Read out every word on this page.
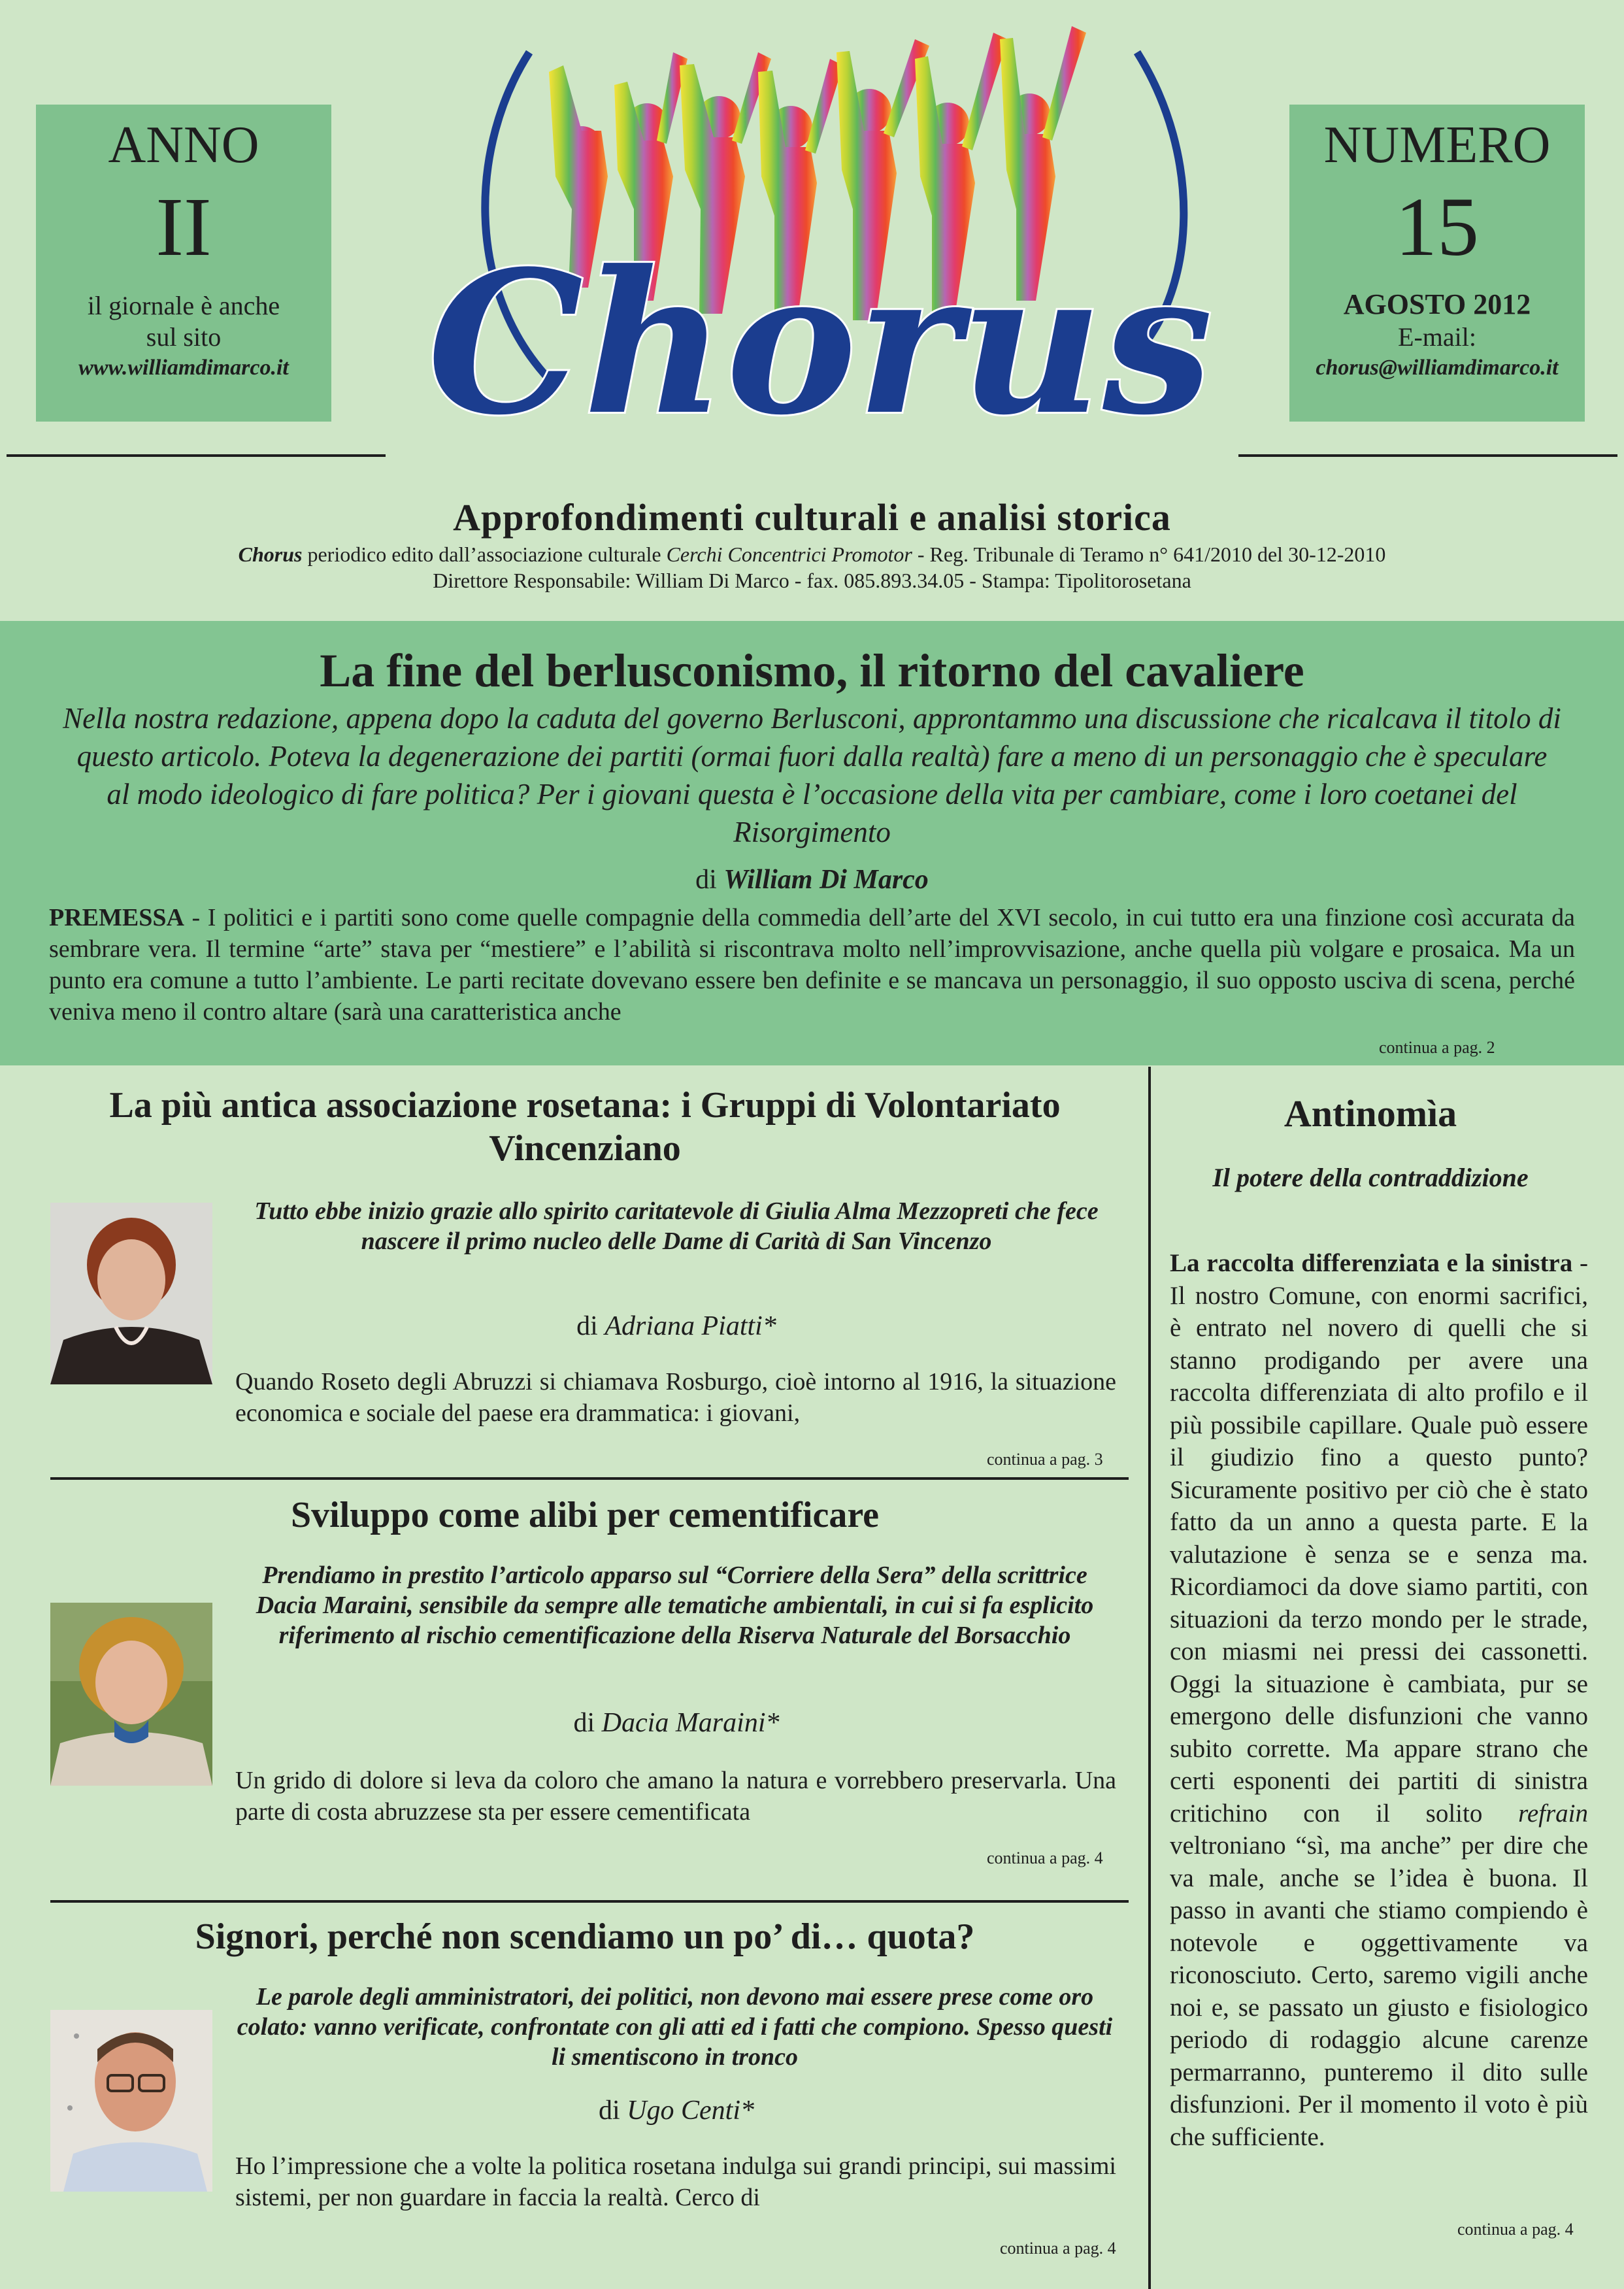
ANNO
II
il giornale è anche
sul sito
www.williamdimarco.it Chorus
NUMERO
15
AGOSTO 2012
E-mail:
chorus@williamdimarco.it
Approfondimenti culturali e analisi storica
Chorus periodico edito dall’associazione culturale Cerchi Concentrici Promotor - Reg. Tribunale di Teramo n° 641/2010 del 30-12-2010
Direttore Responsabile: William Di Marco - fax. 085.893.34.05 - Stampa: Tipolitorosetana
La fine del berlusconismo, il ritorno del cavaliere
Nella nostra redazione, appena dopo la caduta del governo Berlusconi, approntammo una discussione che ricalcava il titolo di questo articolo. Poteva la degenerazione dei partiti (ormai fuori dalla realtà) fare a meno di un personaggio che è speculare al modo ideologico di fare politica? Per i giovani questa è l’occasione della vita per cambiare, come i loro coetanei del Risorgimento
di William Di Marco
PREMESSA - I politici e i partiti sono come quelle compagnie della commedia dell’arte del XVI secolo, in cui tutto era una finzione così accurata da sembrare vera. Il termine “arte” stava per “mestiere” e l’abilità si riscontrava molto nell’improvvisazione, anche quella più volgare e prosaica. Ma un punto era comune a tutto l’ambiente. Le parti recitate dovevano essere ben definite e se mancava un personaggio, il suo opposto usciva di scena, perché veniva meno il contro altare (sarà una caratteristica anche
continua a pag. 2
La più antica associazione rosetana: i Gruppi di Volontariato Vincenziano
Tutto ebbe inizio grazie allo spirito caritatevole di Giulia Alma Mezzopreti che fece nascere il primo nucleo delle Dame di Carità di San Vincenzo
di Adriana Piatti*
Quando Roseto degli Abruzzi si chiamava Rosburgo, cioè intorno al 1916, la situazione economica e sociale del paese era drammatica: i giovani,
continua a pag. 3
Sviluppo come alibi per cementificare
Prendiamo in prestito l’articolo apparso sul “Corriere della Sera” della scrittrice Dacia Maraini, sensibile da sempre alle tematiche ambientali, in cui si fa esplicito riferimento al rischio cementificazione della Riserva Naturale del Borsacchio
di Dacia Maraini*
Un grido di dolore si leva da coloro che amano la natura e vorrebbero preservarla. Una parte di costa abruzzese sta per essere cementificata
continua a pag. 4
Signori, perché non scendiamo un po’ di… quota?
Le parole degli amministratori, dei politici, non devono mai essere prese come oro colato: vanno verificate, confrontate con gli atti ed i fatti che compiono. Spesso questi li smentiscono in tronco
di Ugo Centi*
Ho l’impressione che a volte la politica rosetana indulga sui grandi principi, sui massimi sistemi, per non guardare in faccia la realtà. Cerco di
continua a pag. 4
Antinomìa
Il potere della contraddizione
La raccolta differenziata e la sinistra - Il nostro Comune, con enormi sacrifici, è entrato nel novero di quelli che si stanno prodigando per avere una raccolta differenziata di alto profilo e il più possibile capillare. Quale può essere il giudizio fino a questo punto? Sicuramente positivo per ciò che è stato fatto da un anno a questa parte. E la valutazione è senza se e senza ma. Ricordiamoci da dove siamo partiti, con situazioni da terzo mondo per le strade, con miasmi nei pressi dei cassonetti. Oggi la situazione è cambiata, pur se emergono delle disfunzioni che vanno subito corrette. Ma appare strano che certi esponenti dei partiti di sinistra critichino con il solito refrain veltroniano “sì, ma anche” per dire che va male, anche se l’idea è buona. Il passo in avanti che stiamo compiendo è notevole e oggettivamente va riconosciuto. Certo, saremo vigili anche noi e, se passato un giusto e fisiologico periodo di rodaggio alcune carenze permarranno, punteremo il dito sulle disfunzioni. Per il momento il voto è più che sufficiente.
continua a pag. 4
